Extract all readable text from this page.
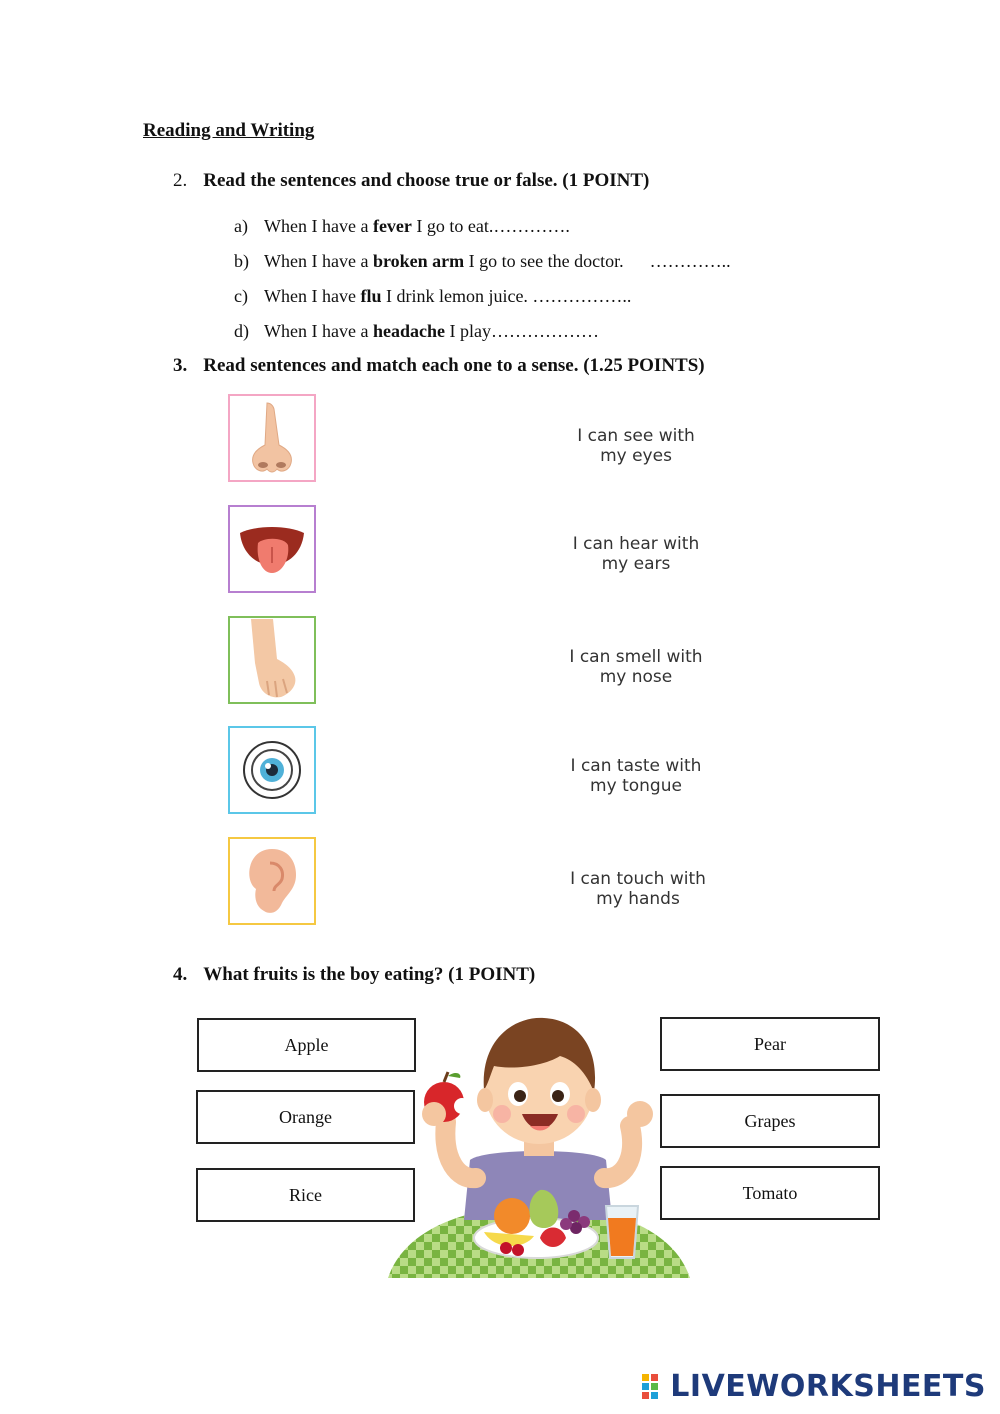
Reading and Writing
2. Read the sentences and choose true or false. (1 POINT)
a) When I have a fever I go to eat.………….
b) When I have a broken arm I go to see the doctor. …………..
c) When I have flu I drink lemon juice. ……………..
d) When I have a headache I play………………
3. Read sentences and match each one to a sense. (1.25 POINTS)
I can see with
my eyes
I can hear with
my ears
I can smell with
my nose
I can taste with
my tongue
I can touch with
my hands
4. What fruits is the boy eating? (1 POINT)
Apple
Orange
Rice
Pear
Grapes
Tomato
LIVEWORKSHEETS
